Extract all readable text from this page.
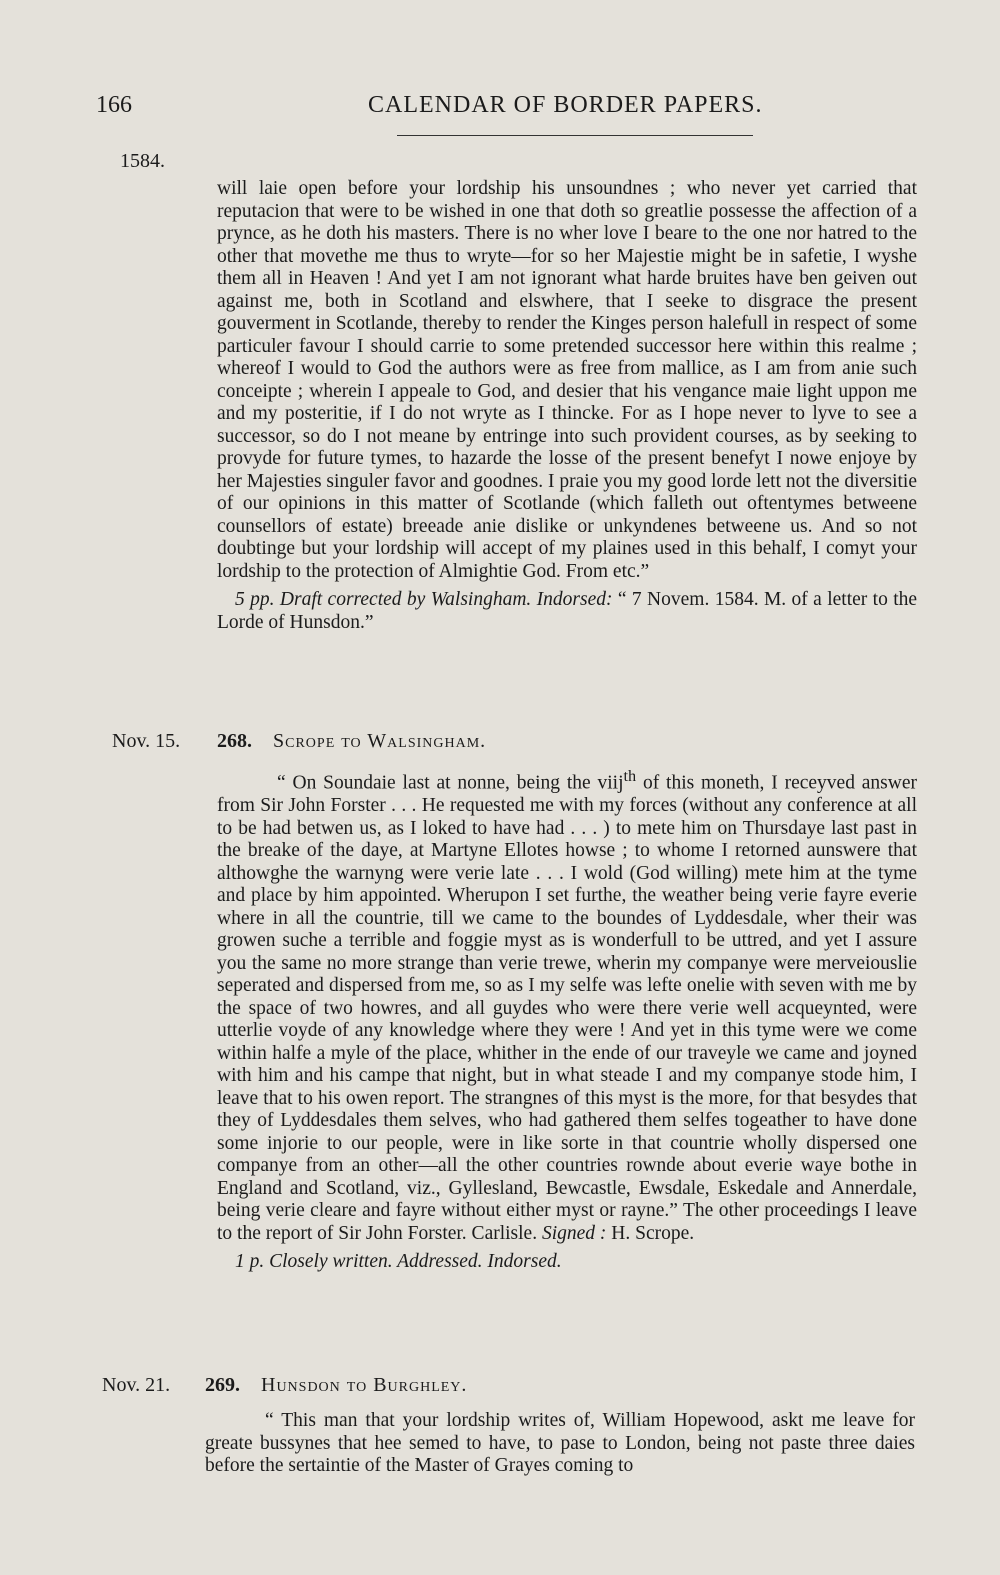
166	CALENDAR OF BORDER PAPERS.
1584.

will laie open before your lordship his unsoundnes ; who never yet carried that reputacion that were to be wished in one that doth so greatlie possesse the affection of a prynce, as he doth his masters. There is no wher love I beare to the one nor hatred to the other that movethe me thus to wryte—for so her Majestie might be in safetie, I wyshe them all in Heaven ! And yet I am not ignorant what harde bruites have ben geiven out against me, both in Scotland and elswhere, that I seeke to disgrace the present gouverment in Scotlande, thereby to render the Kinges person halefull in respect of some particuler favour I should carrie to some pretended successor here within this realme ; whereof I would to God the authors were as free from mallice, as I am from anie such conceipte ; wherein I appeale to God, and desier that his vengance maie light uppon me and my posteritie, if I do not wryte as I thincke. For as I hope never to lyve to see a successor, so do I not meane by entringe into such provident courses, as by seeking to provyde for future tymes, to hazarde the losse of the present benefyt I nowe enjoye by her Majesties singuler favor and goodnes. I praie you my good lorde lett not the diversitie of our opinions in this matter of Scotlande (which falleth out oftentymes betweene counsellors of estate) breeade anie dislike or unkyndenes betweene us. And so not doubtinge but your lordship will accept of my plaines used in this behalf, I comyt your lordship to the protection of Almightie God. From etc.”

5 pp. Draft corrected by Walsingham. Indorsed: “ 7 Novem. 1584. M. of a letter to the Lorde of Hunsdon.”

Nov. 15. 268. Scrope to Walsingham.

“ On Soundaie last at nonne, being the viij$^{th}$ of this moneth, I receyved answer from Sir John Forster . . . He requested me with my forces (without any conference at all to be had betwen us, as I loked to have had . . . ) to mete him on Thursdaye last past in the breake of the daye, at Martyne Ellotes howse ; to whome I retorned aunswere that althowghe the warnyng were verie late . . . I wold (God willing) mete him at the tyme and place by him appointed. Wherupon I set furthe, the weather being verie fayre everie where in all the countrie, till we came to the boundes of Lyddesdale, wher their was growen suche a terrible and foggie myst as is wonderfull to be uttred, and yet I assure you the same no more strange than verie trewe, wherin my companye were merveiouslie seperated and dispersed from me, so as I my selfe was lefte onelie with seven with me by the space of two howres, and all guydes who were there verie well acqueynted, were utterlie voyde of any knowledge where they were ! And yet in this tyme were we come within halfe a myle of the place, whither in the ende of our traveyle we came and joyned with him and his campe that night, but in what steade I and my companye stode him, I leave that to his owen report. The strangnes of this myst is the more, for that besydes that they of Lyddesdales them selves, who had gathered them selfes togeather to have done some injorie to our people, were in like sorte in that countrie wholly dispersed one companye from an other—all the other countries rownde about everie waye bothe in England and Scotland, viz., Gyllesland, Bewcastle, Ewsdale, Eskedale and Annerdale, being verie cleare and fayre without either myst or rayne.” The other proceedings I leave to the report of Sir John Forster. Carlisle. Signed : H. Scrope.

1 p. Closely written. Addressed. Indorsed.

Nov. 21. 269. Hunsdon to Burghley.

“ This man that your lordship writes of, William Hopewood, askt me leave for greate bussynes that hee semed to have, to pase to London, being not paste three daies before the sertaintie of the Master of Grayes coming to
